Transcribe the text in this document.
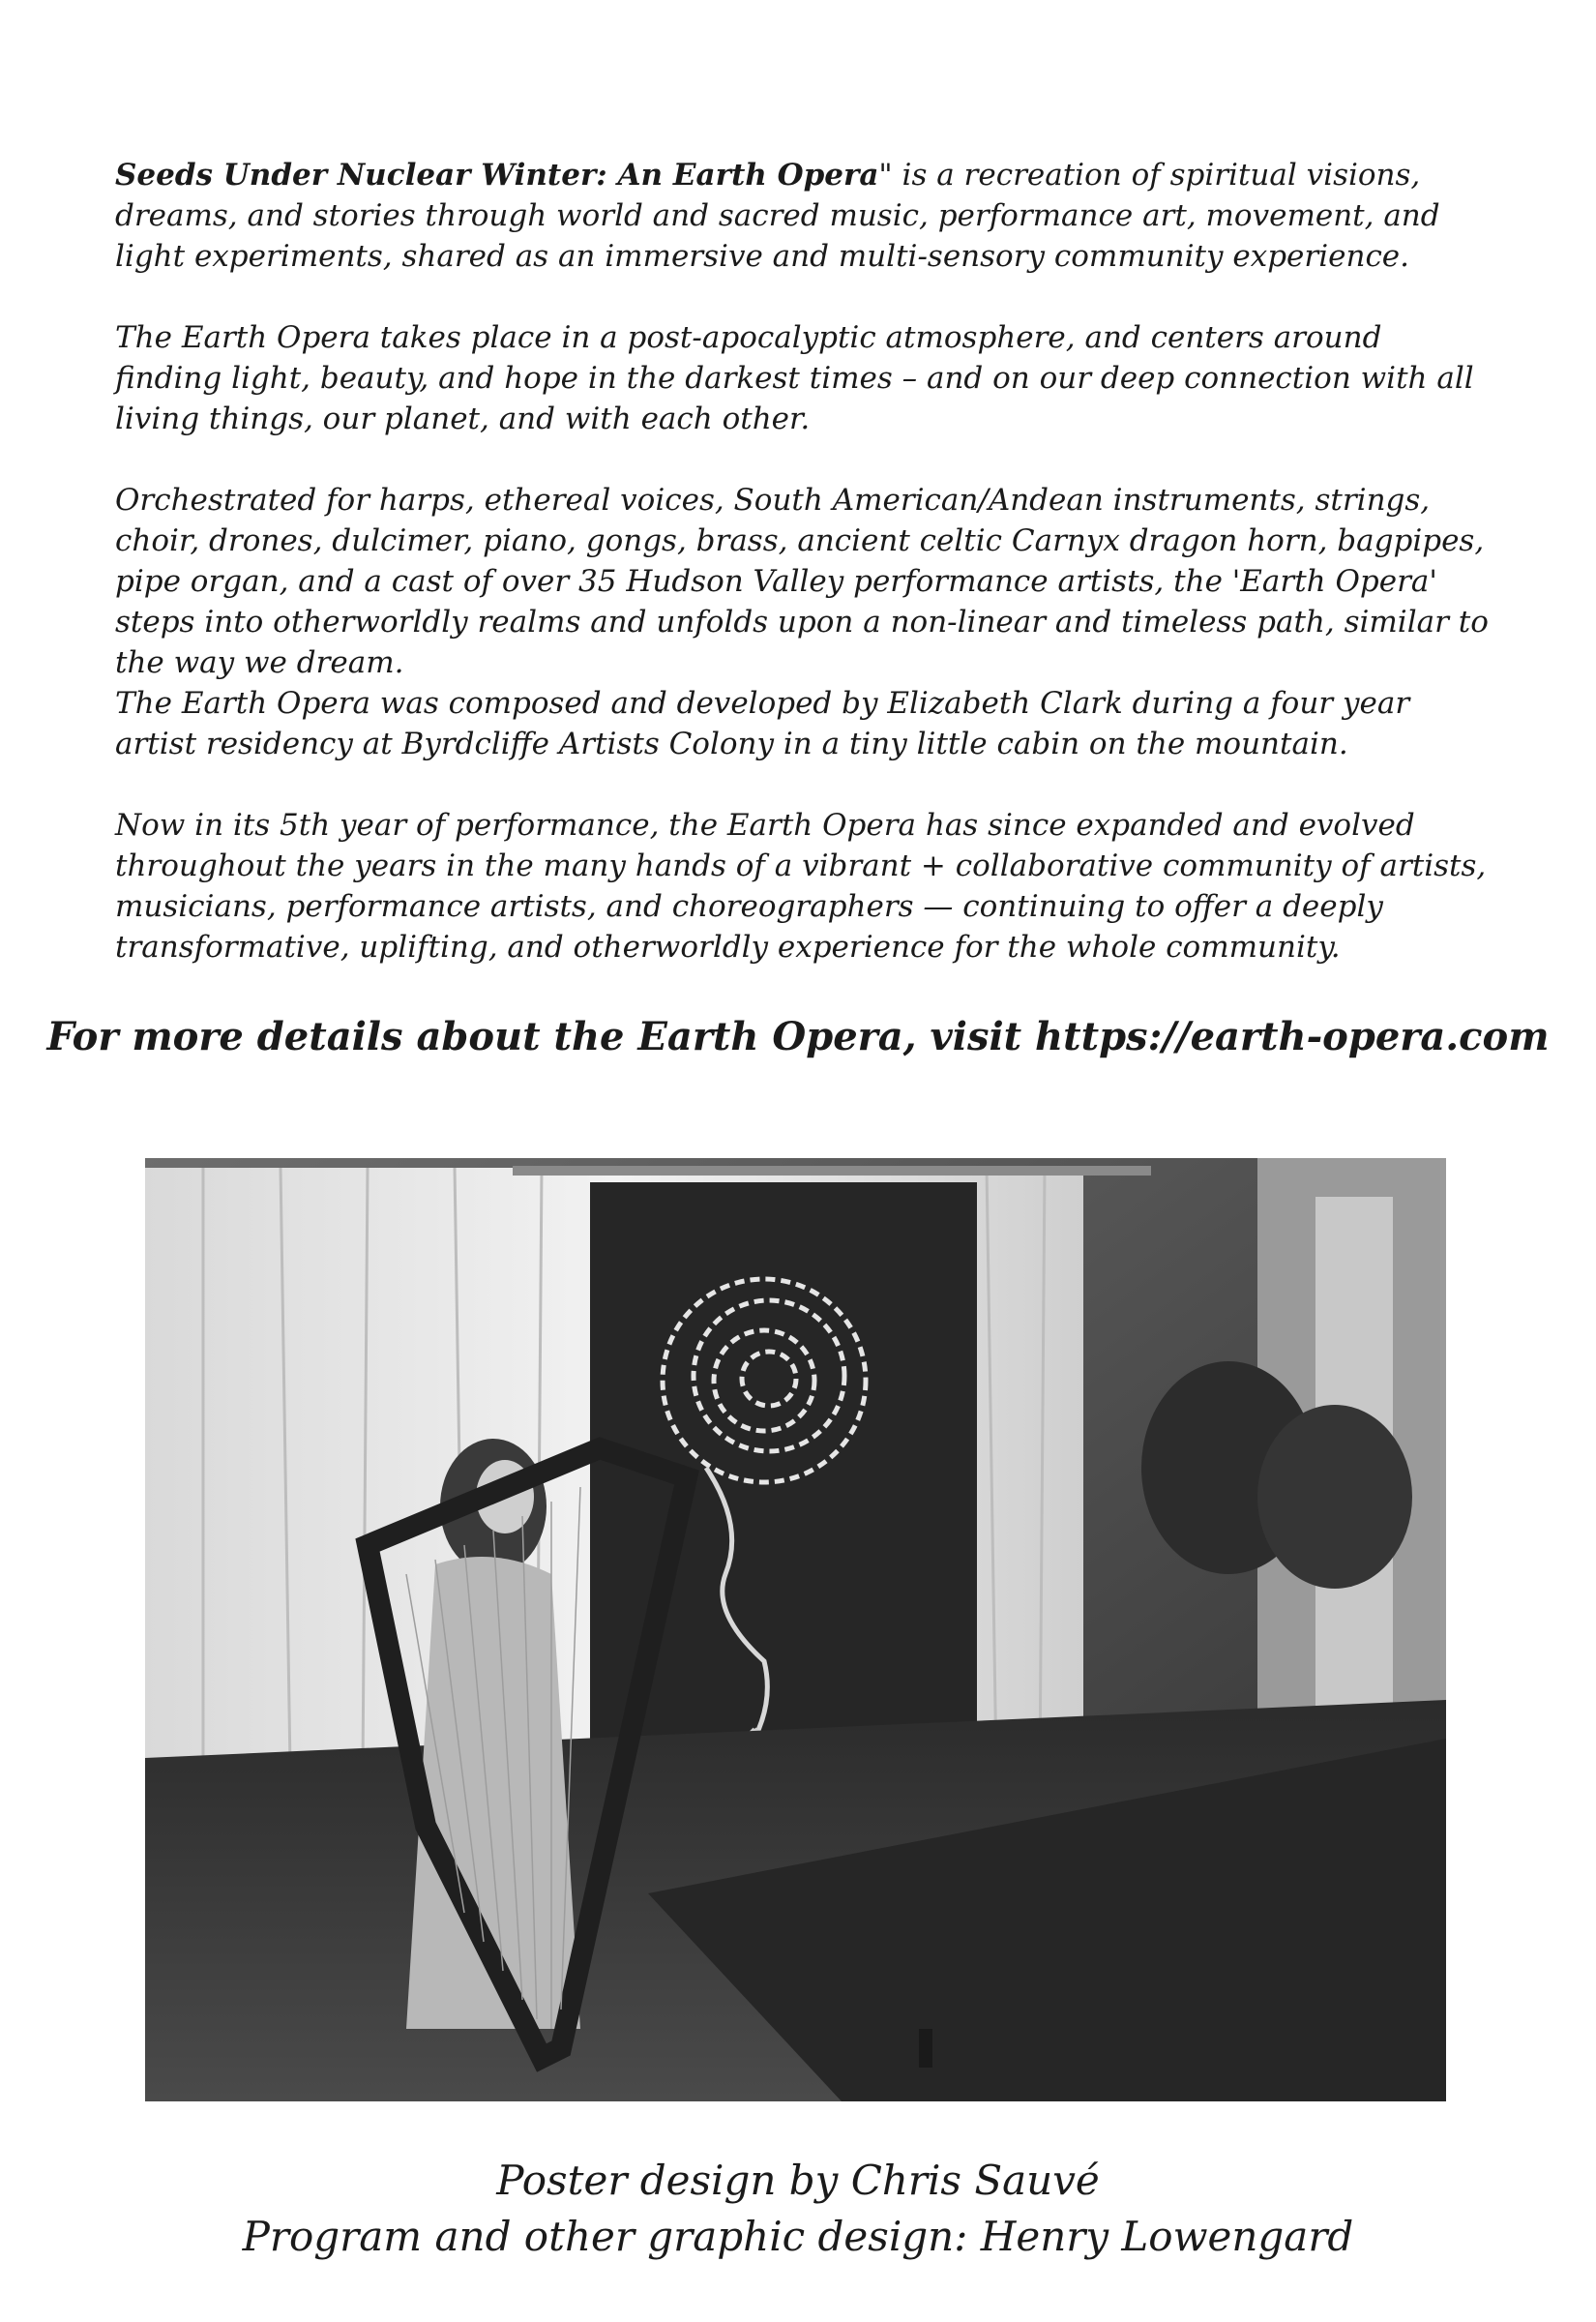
Seeds Under Nuclear Winter: An Earth Opera" is a recreation of spiritual visions, dreams, and stories through world and sacred music, performance art, movement, and light experiments, shared as an immersive and multi-sensory community experience.

The Earth Opera takes place in a post-apocalyptic atmosphere, and centers around finding light, beauty, and hope in the darkest times – and on our deep connection with all living things, our planet, and with each other.

Orchestrated for harps, ethereal voices, South American/Andean instruments, strings, choir, drones, dulcimer, piano, gongs, brass, ancient celtic Carnyx dragon horn, bagpipes, pipe organ, and a cast of over 35 Hudson Valley performance artists, the 'Earth Opera' steps into otherworldly realms and unfolds upon a non-linear and timeless path, similar to the way we dream.

The Earth Opera was composed and developed by Elizabeth Clark during a four year artist residency at Byrdcliffe Artists Colony in a tiny little cabin on the mountain.

Now in its 5th year of performance, the Earth Opera has since expanded and evolved throughout the years in the many hands of a vibrant + collaborative community of artists, musicians, performance artists, and choreographers — continuing to offer a deeply transformative, uplifting, and otherworldly experience for the whole community.

For more details about the Earth Opera, visit https://earth-opera.com

Poster design by Chris Sauvé

Program and other graphic design: Henry Lowengard
